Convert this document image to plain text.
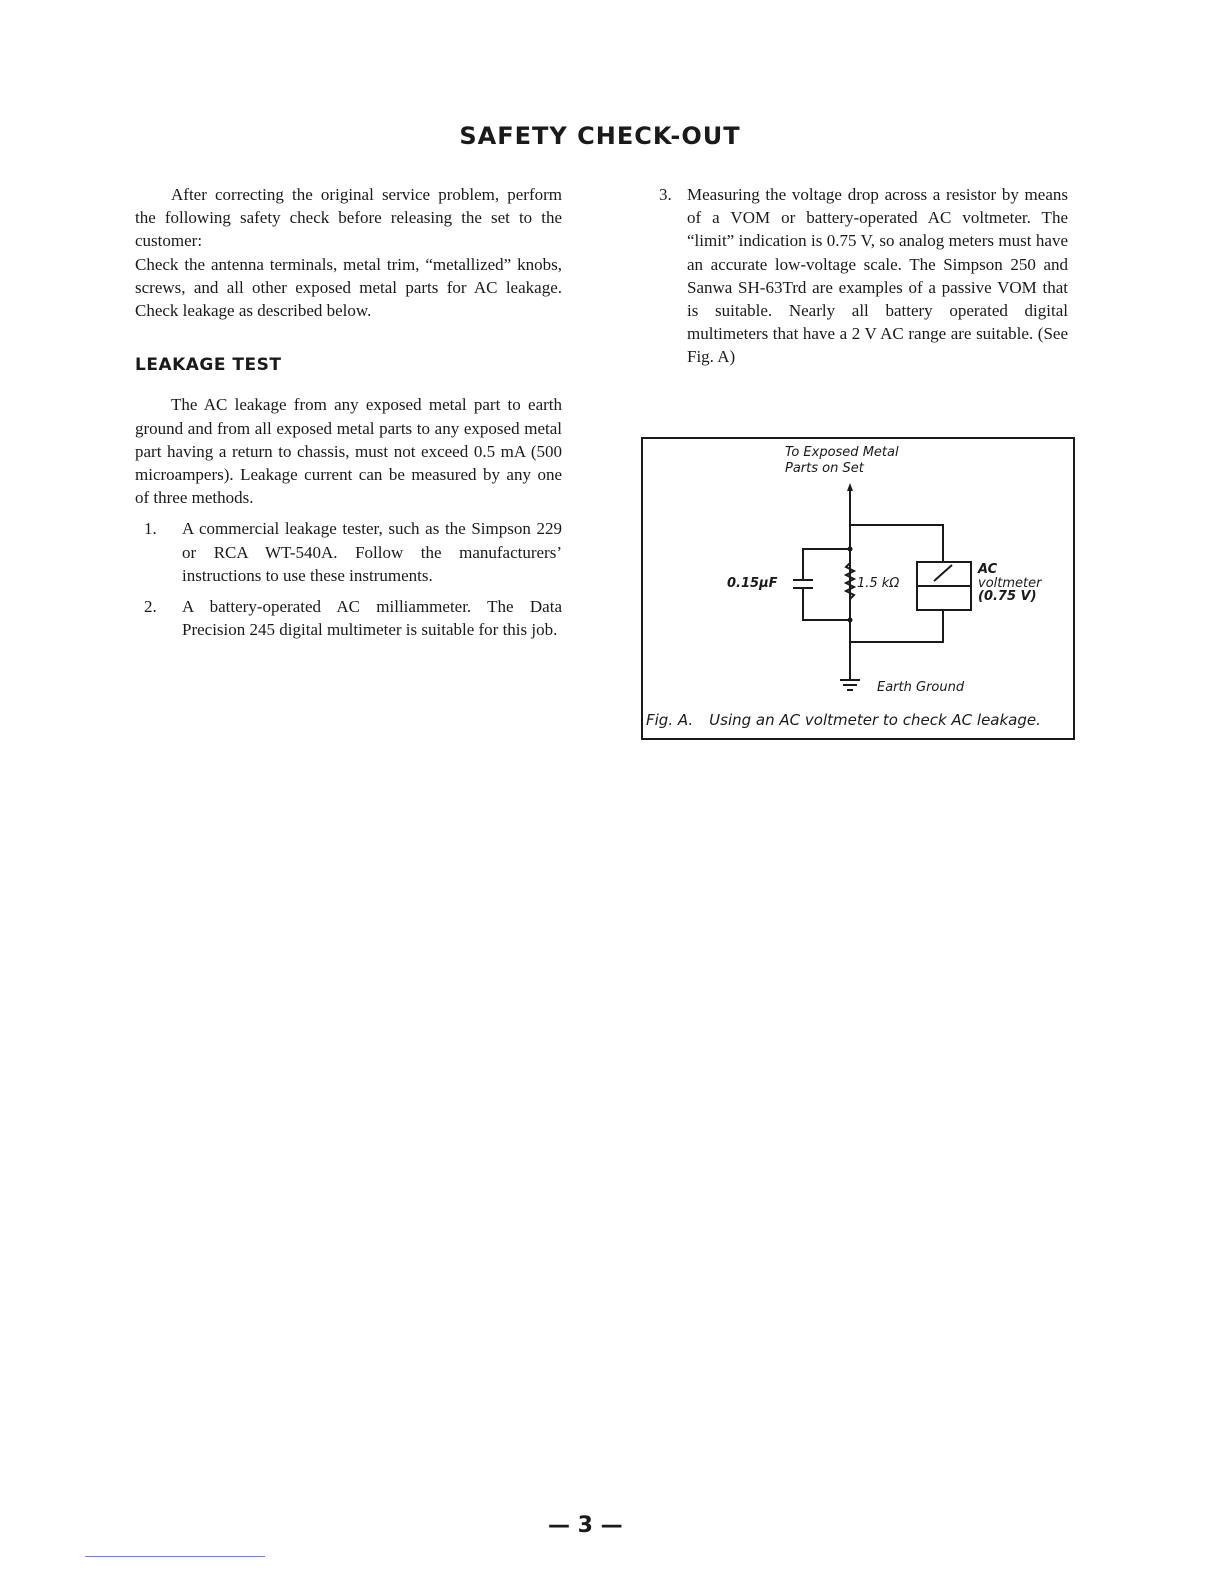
SAFETY CHECK-OUT

After correcting the original service problem, perform the following safety check before releasing the set to the customer:

Check the antenna terminals, metal trim, “metallized” knobs, screws, and all other exposed metal parts for AC leakage. Check leakage as described below.

LEAKAGE TEST

The AC leakage from any exposed metal part to earth ground and from all exposed metal parts to any exposed metal part having a return to chassis, must not exceed 0.5 mA (500 microampers). Leakage current can be measured by any one of three methods.

1. A commercial leakage tester, such as the Simpson 229 or RCA WT-540A. Follow the manufacturers’ instructions to use these instruments.
2. A battery-operated AC milliammeter. The Data Precision 245 digital multimeter is suitable for this job.
3. Measuring the voltage drop across a resistor by means of a VOM or battery-operated AC voltmeter. The “limit” indication is 0.75 V, so analog meters must have an accurate low-voltage scale. The Simpson 250 and Sanwa SH-63Trd are examples of a passive VOM that is suitable. Nearly all battery operated digital multimeters that have a 2 V AC range are suitable. (See Fig. A)
To Exposed Metal
Parts on Set
0.15µF	1.5 kΩ
AC
voltmeter
(0.75 V)
Earth Ground
Fig. A. Using an AC voltmeter to check AC leakage.
— 3 —
